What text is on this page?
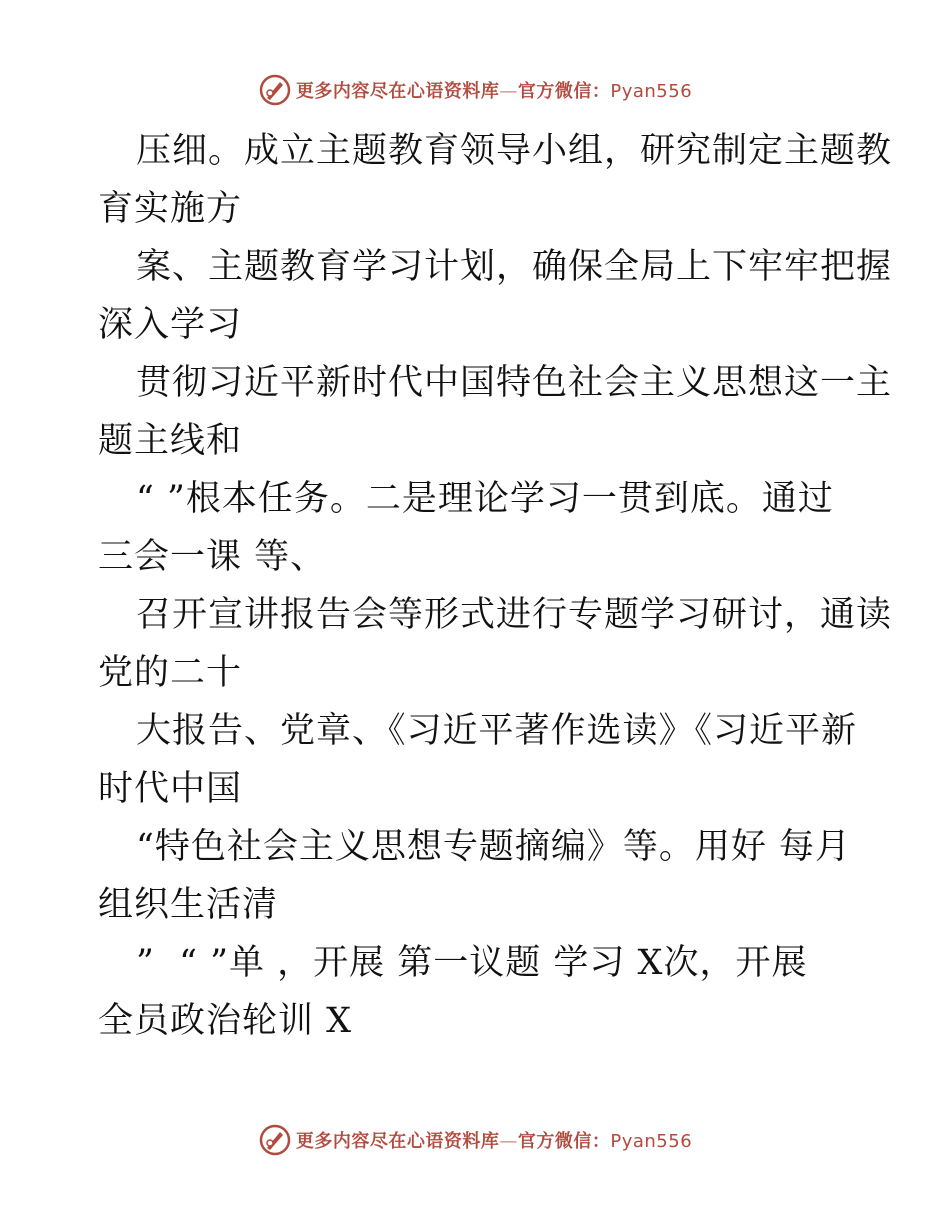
更多内容尽在心语资料库—官方微信：Pyan556
压细。成立主题教育领导小组，研究制定主题教
育实施方
案、主题教育学习计划，确保全局上下牢牢把握
深入学习
贯彻习近平新时代中国特色社会主义思想这一主
题主线和
“ ”根本任务。二是理论学习一贯到底。通过
三会一课 等、
召开宣讲报告会等形式进行专题学习研讨，通读
党的二十
大报告、党章、《习近平著作选读》《习近平新
时代中国
“特色社会主义思想专题摘编》等。用好 每月
组织生活清
”  “ ”单 ，开展 第一议题 学习 X次，开展
全员政治轮训 X
更多内容尽在心语资料库—官方微信：Pyan556
